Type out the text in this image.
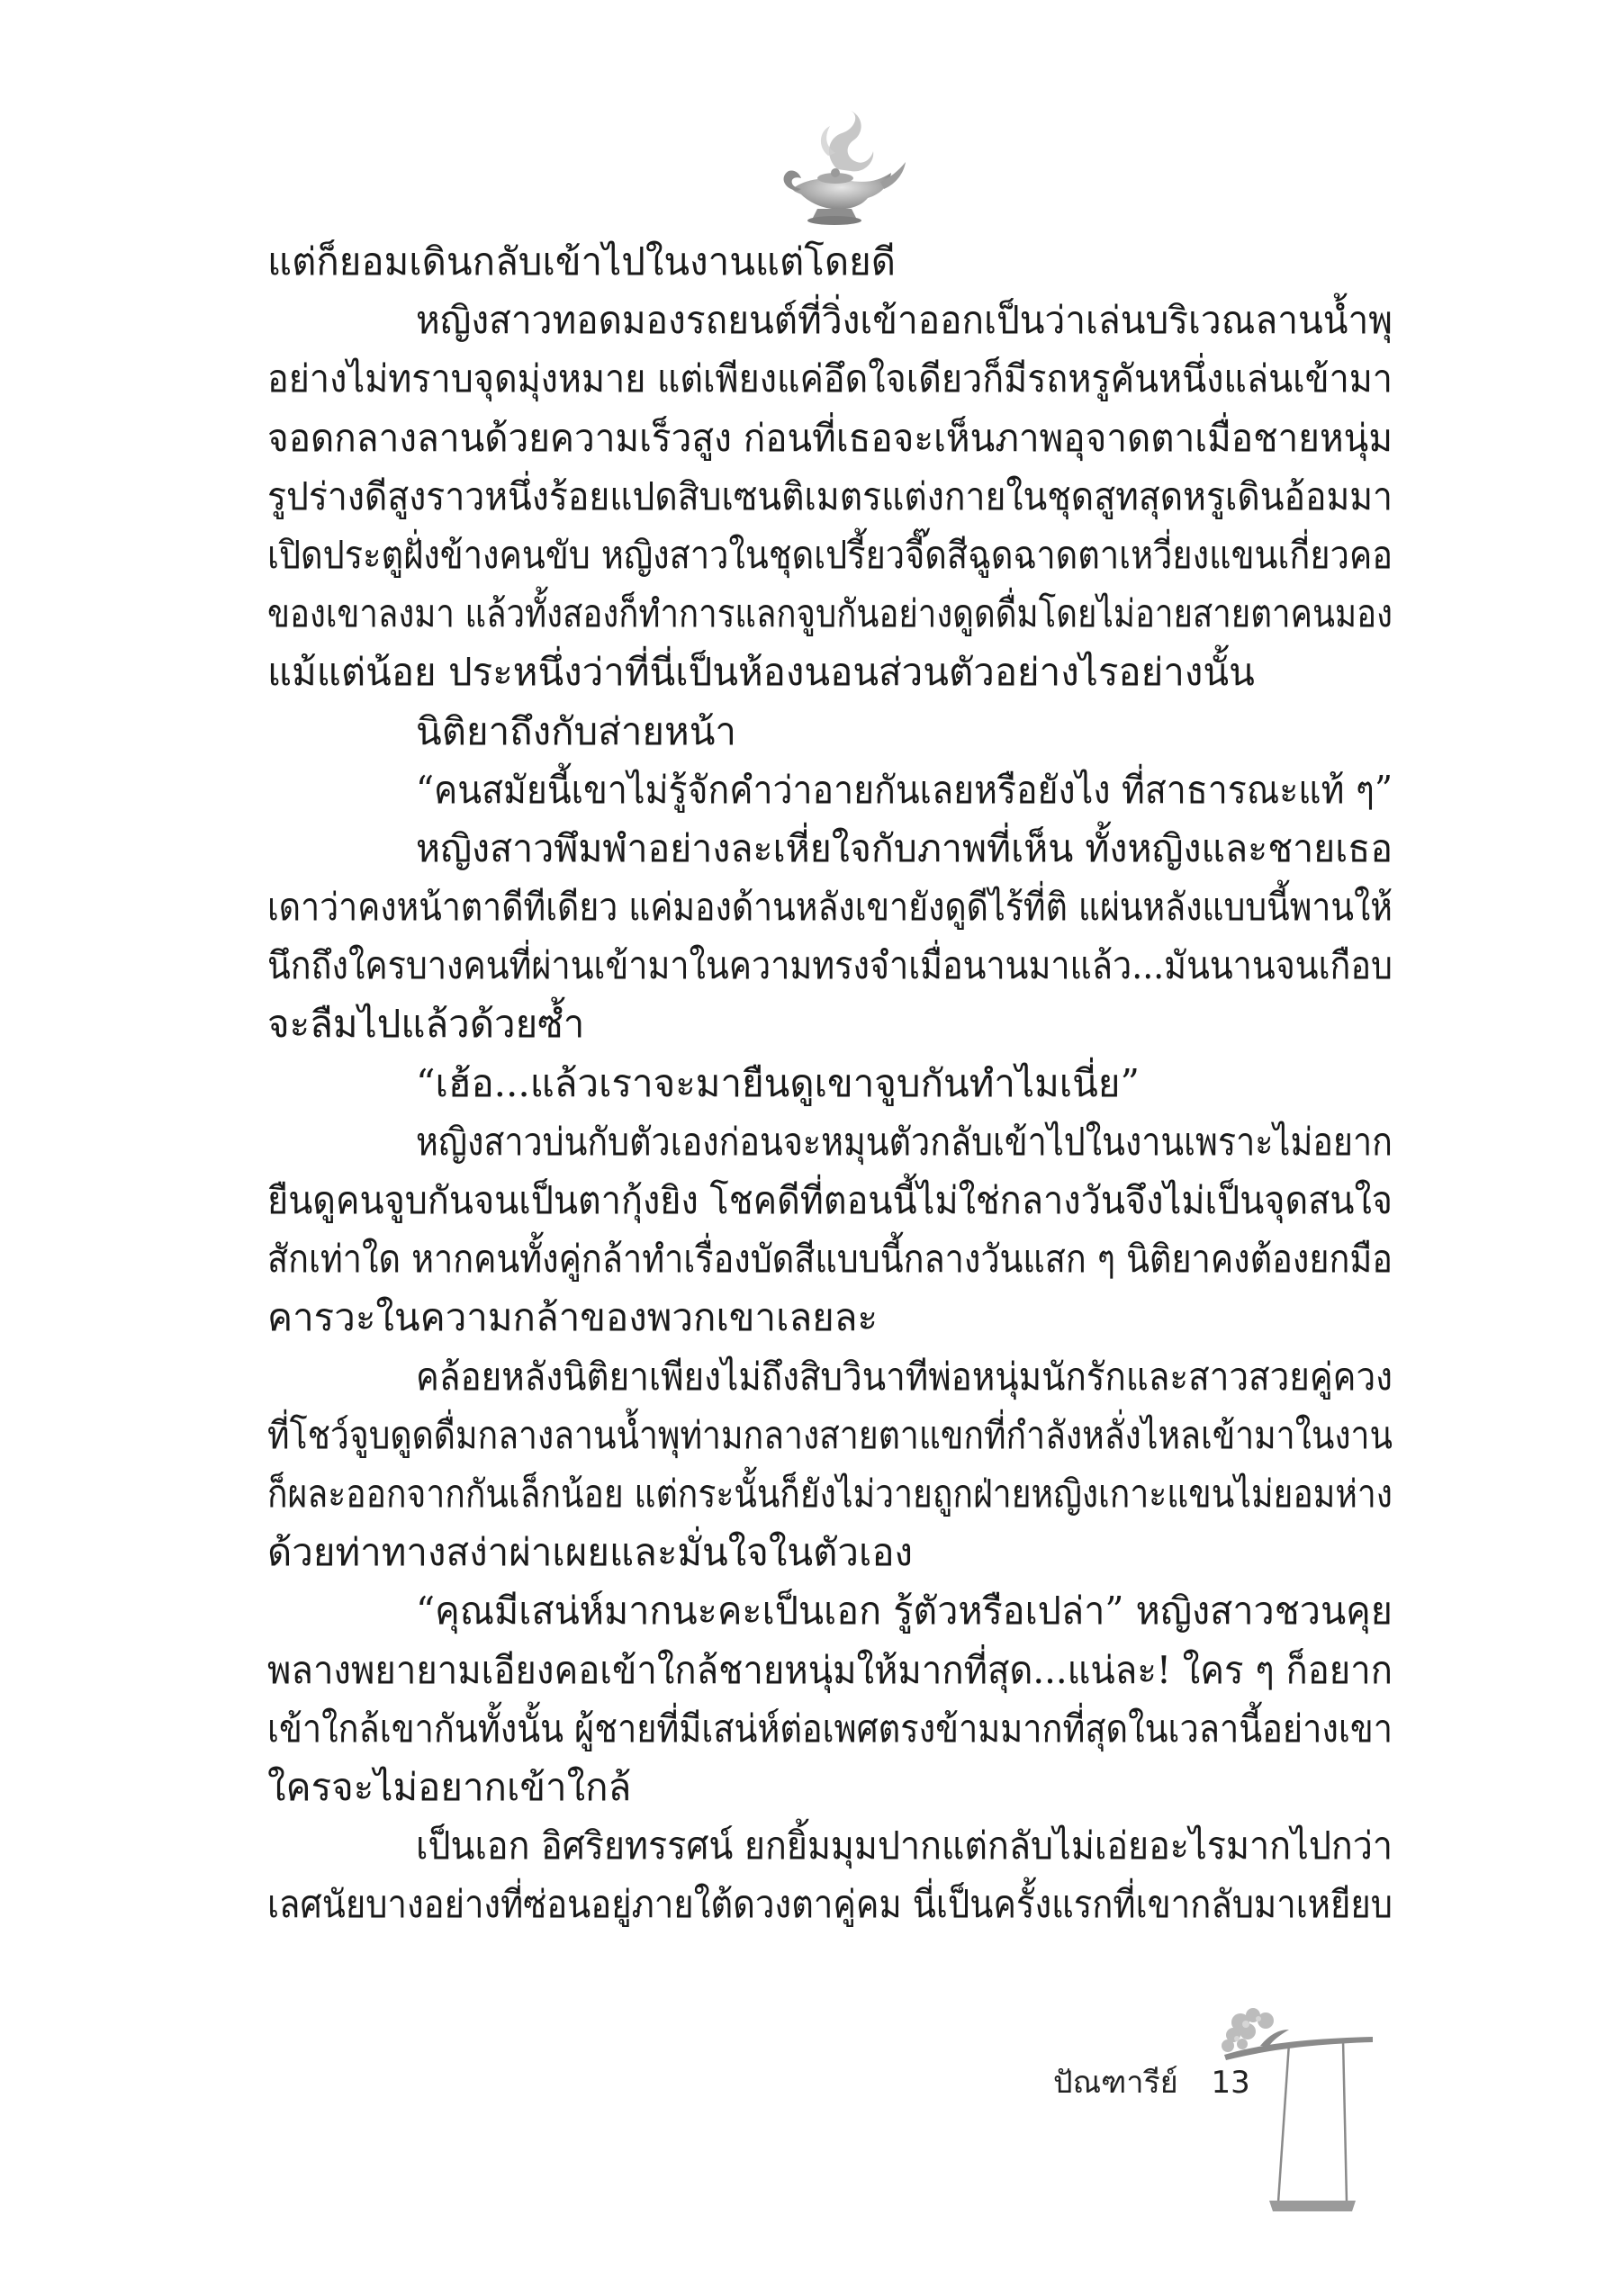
แต่ก็ยอมเดินกลับเข้าไปในงานแต่โดยดี
หญิงสาวทอดมองรถยนต์ที่วิ่งเข้าออกเป็นว่าเล่นบริเวณลานน้ำพุ
อย่างไม่ทราบจุดมุ่งหมาย แต่เพียงแค่อึดใจเดียวก็มีรถหรูคันหนึ่งแล่นเข้ามา
จอดกลางลานด้วยความเร็วสูง ก่อนที่เธอจะเห็นภาพอุจาดตาเมื่อชายหนุ่ม
รูปร่างดีสูงราวหนึ่งร้อยแปดสิบเซนติเมตรแต่งกายในชุดสูทสุดหรูเดินอ้อมมา
เปิดประตูฝั่งข้างคนขับ หญิงสาวในชุดเปรี้ยวจี๊ดสีฉูดฉาดตาเหวี่ยงแขนเกี่ยวคอ
ของเขาลงมา แล้วทั้งสองก็ทำการแลกจูบกันอย่างดูดดื่มโดยไม่อายสายตาคนมอง
แม้แต่น้อย ประหนึ่งว่าที่นี่เป็นห้องนอนส่วนตัวอย่างไรอย่างนั้น
นิติยาถึงกับส่ายหน้า
“คนสมัยนี้เขาไม่รู้จักคำว่าอายกันเลยหรือยังไง ที่สาธารณะแท้ ๆ”
หญิงสาวพึมพำอย่างละเหี่ยใจกับภาพที่เห็น ทั้งหญิงและชายเธอ
เดาว่าคงหน้าตาดีทีเดียว แค่มองด้านหลังเขายังดูดีไร้ที่ติ แผ่นหลังแบบนี้พานให้
นึกถึงใครบางคนที่ผ่านเข้ามาในความทรงจำเมื่อนานมาแล้ว...มันนานจนเกือบ
จะลืมไปแล้วด้วยซ้ำ
“เฮ้อ...แล้วเราจะมายืนดูเขาจูบกันทำไมเนี่ย”
หญิงสาวบ่นกับตัวเองก่อนจะหมุนตัวกลับเข้าไปในงานเพราะไม่อยาก
ยืนดูคนจูบกันจนเป็นตากุ้งยิง โชคดีที่ตอนนี้ไม่ใช่กลางวันจึงไม่เป็นจุดสนใจ
สักเท่าใด หากคนทั้งคู่กล้าทำเรื่องบัดสีแบบนี้กลางวันแสก ๆ นิติยาคงต้องยกมือ
คารวะในความกล้าของพวกเขาเลยละ
คล้อยหลังนิติยาเพียงไม่ถึงสิบวินาทีพ่อหนุ่มนักรักและสาวสวยคู่ควง
ที่โชว์จูบดูดดื่มกลางลานน้ำพุท่ามกลางสายตาแขกที่กำลังหลั่งไหลเข้ามาในงาน
ก็ผละออกจากกันเล็กน้อย แต่กระนั้นก็ยังไม่วายถูกฝ่ายหญิงเกาะแขนไม่ยอมห่าง
ด้วยท่าทางสง่าผ่าเผยและมั่นใจในตัวเอง
“คุณมีเสน่ห์มากนะคะเป็นเอก รู้ตัวหรือเปล่า” หญิงสาวชวนคุย
พลางพยายามเอียงคอเข้าใกล้ชายหนุ่มให้มากที่สุด...แน่ละ! ใคร ๆ ก็อยาก
เข้าใกล้เขากันทั้งนั้น ผู้ชายที่มีเสน่ห์ต่อเพศตรงข้ามมากที่สุดในเวลานี้อย่างเขา
ใครจะไม่อยากเข้าใกล้
เป็นเอก อิศริยทรรศน์ ยกยิ้มมุมปากแต่กลับไม่เอ่ยอะไรมากไปกว่า
เลศนัยบางอย่างที่ซ่อนอยู่ภายใต้ดวงตาคู่คม นี่เป็นครั้งแรกที่เขากลับมาเหยียบ
ปัณฑารีย์ 13
